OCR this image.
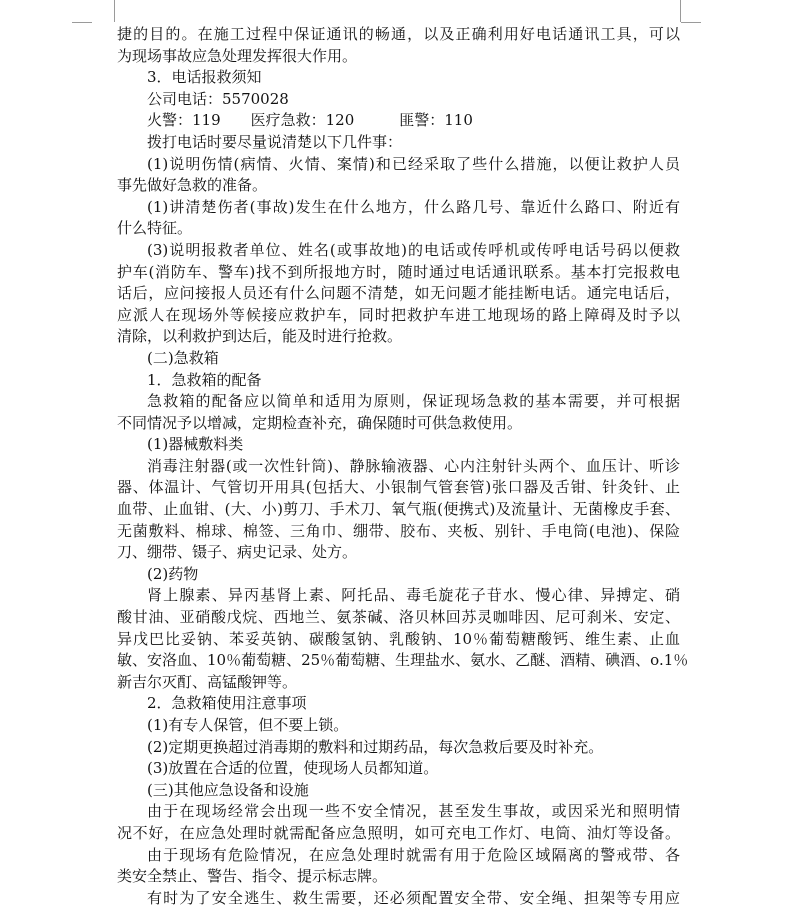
捷的目的。在施工过程中保证通讯的畅通，以及正确利用好电话通讯工具，可以
为现场事故应急处理发挥很大作用。
3．电话报救须知
公司电话：5570028
火警：119　　医疗急救：120　　　匪警：110
拨打电话时要尽量说清楚以下几件事：
(1)说明伤情(病情、火情、案情)和已经采取了些什么措施，以便让救护人员
事先做好急救的准备。
(1)讲清楚伤者(事故)发生在什么地方，什么路几号、靠近什么路口、附近有
什么特征。
(3)说明报救者单位、姓名(或事故地)的电话或传呼机或传呼电话号码以便救
护车(消防车、警车)找不到所报地方时，随时通过电话通讯联系。基本打完报救电
话后，应问接报人员还有什么问题不清楚，如无问题才能挂断电话。通完电话后，
应派人在现场外等候接应救护车，同时把救护车进工地现场的路上障碍及时予以
清除，以利救护到达后，能及时进行抢救。
(二)急救箱
1．急救箱的配备
急救箱的配备应以简单和适用为原则，保证现场急救的基本需要，并可根据
不同情况予以增减，定期检查补充，确保随时可供急救使用。
(1)器械敷料类
消毒注射器(或一次性针筒)、静脉输液器、心内注射针头两个、血压计、听诊
器、体温计、气管切开用具(包括大、小银制气管套管)张口器及舌钳、针灸针、止
血带、止血钳、(大、小)剪刀、手术刀、氧气瓶(便携式)及流量计、无菌橡皮手套、
无菌敷料、棉球、棉签、三角巾、绷带、胶布、夹板、别针、手电筒(电池)、保险
刀、绷带、镊子、病史记录、处方。
(2)药物
肾上腺素、异丙基肾上素、阿托品、毒毛旋花子苷水、慢心律、异搏定、硝
酸甘油、亚硝酸戊烷、西地兰、氨茶碱、洛贝林回苏灵咖啡因、尼可刹米、安定、
异戊巴比妥钠、苯妥英钠、碳酸氢钠、乳酸钠、10％葡萄糖酸钙、维生素、止血
敏、安洛血、10％葡萄糖、25％葡萄糖、生理盐水、氨水、乙醚、酒精、碘酒、o.1％
新吉尔灭酊、高锰酸钾等。
2．急救箱使用注意事项
(1)有专人保管，但不要上锁。
(2)定期更换超过消毒期的敷料和过期药品，每次急救后要及时补充。
(3)放置在合适的位置，使现场人员都知道。
(三)其他应急设备和设施
由于在现场经常会出现一些不安全情况，甚至发生事故，或因采光和照明情
况不好，在应急处理时就需配备应急照明，如可充电工作灯、电筒、油灯等设备。
由于现场有危险情况，在应急处理时就需有用于危险区域隔离的警戒带、各
类安全禁止、警告、指令、提示标志牌。
有时为了安全逃生、救生需要，还必须配置安全带、安全绳、担架等专用应
